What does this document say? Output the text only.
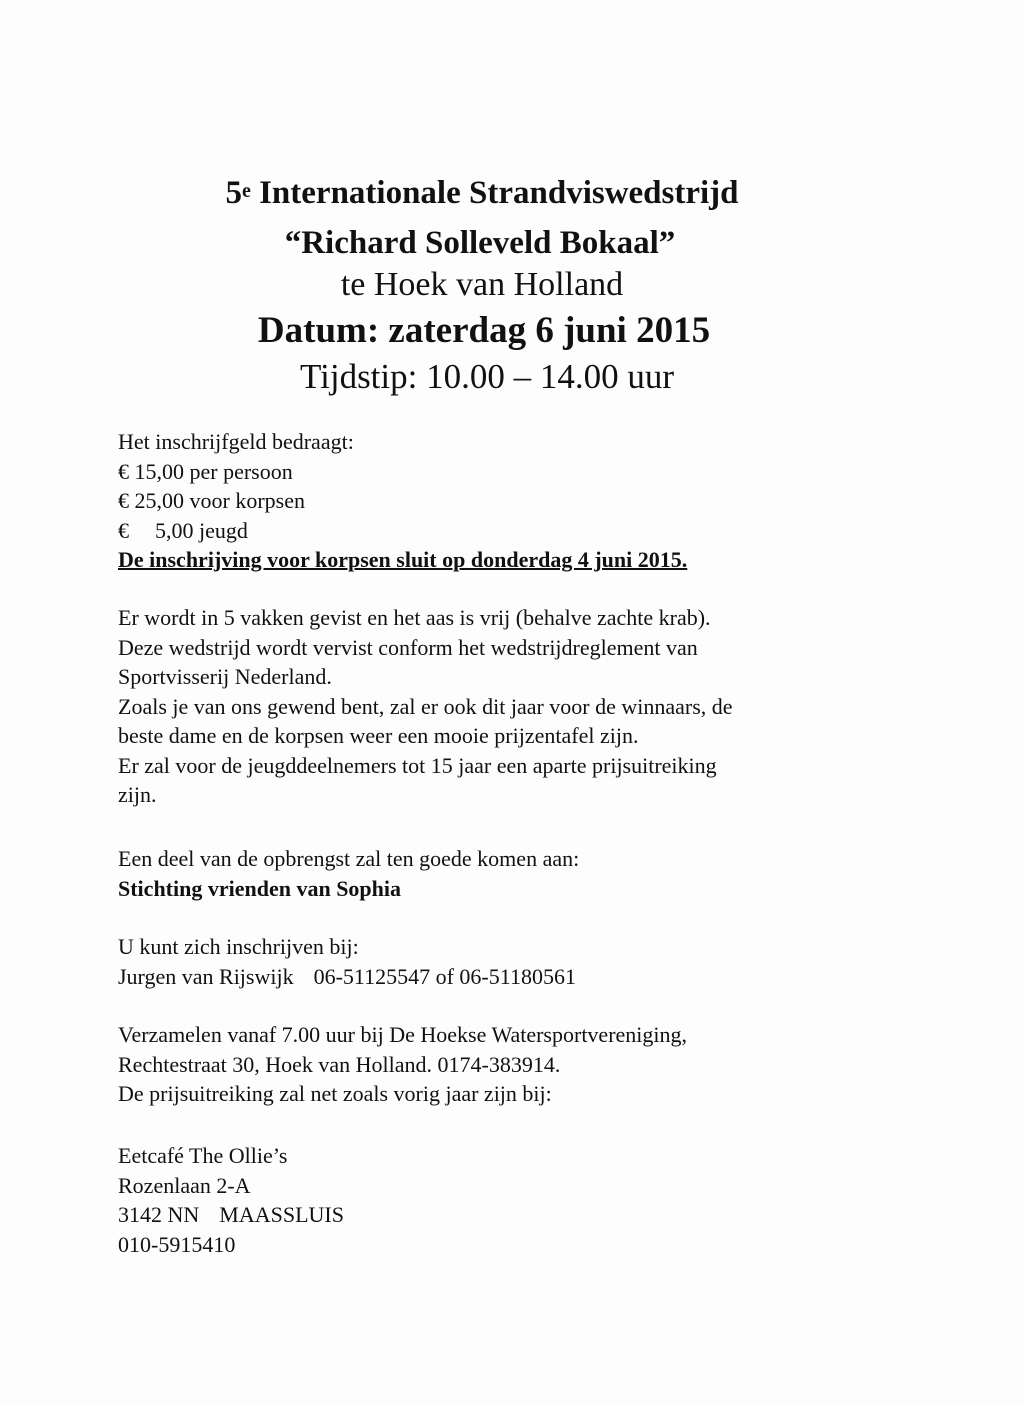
5e Internationale Strandviswedstrijd
“Richard Solleveld Bokaal”
te Hoek van Holland
Datum: zaterdag 6 juni 2015
Tijdstip: 10.00 – 14.00 uur
Het inschrijfgeld bedraagt:
€ 15,00 per persoon
€ 25,00 voor korpsen
€ 5,00 jeugd
De inschrijving voor korpsen sluit op donderdag 4 juni 2015.
Er wordt in 5 vakken gevist en het aas is vrij (behalve zachte krab).
Deze wedstrijd wordt vervist conform het wedstrijdreglement van
Sportvisserij Nederland.
Zoals je van ons gewend bent, zal er ook dit jaar voor de winnaars, de
beste dame en de korpsen weer een mooie prijzentafel zijn.
Er zal voor de jeugddeelnemers tot 15 jaar een aparte prijsuitreiking
zijn.
Een deel van de opbrengst zal ten goede komen aan:
Stichting vrienden van Sophia
U kunt zich inschrijven bij:
Jurgen van Rijswijk 06-51125547 of 06-51180561
Verzamelen vanaf 7.00 uur bij De Hoekse Watersportvereniging,
Rechtestraat 30, Hoek van Holland. 0174-383914.
De prijsuitreiking zal net zoals vorig jaar zijn bij:
Eetcafé The Ollie’s
Rozenlaan 2-A
3142 NN MAASSLUIS
010-5915410
